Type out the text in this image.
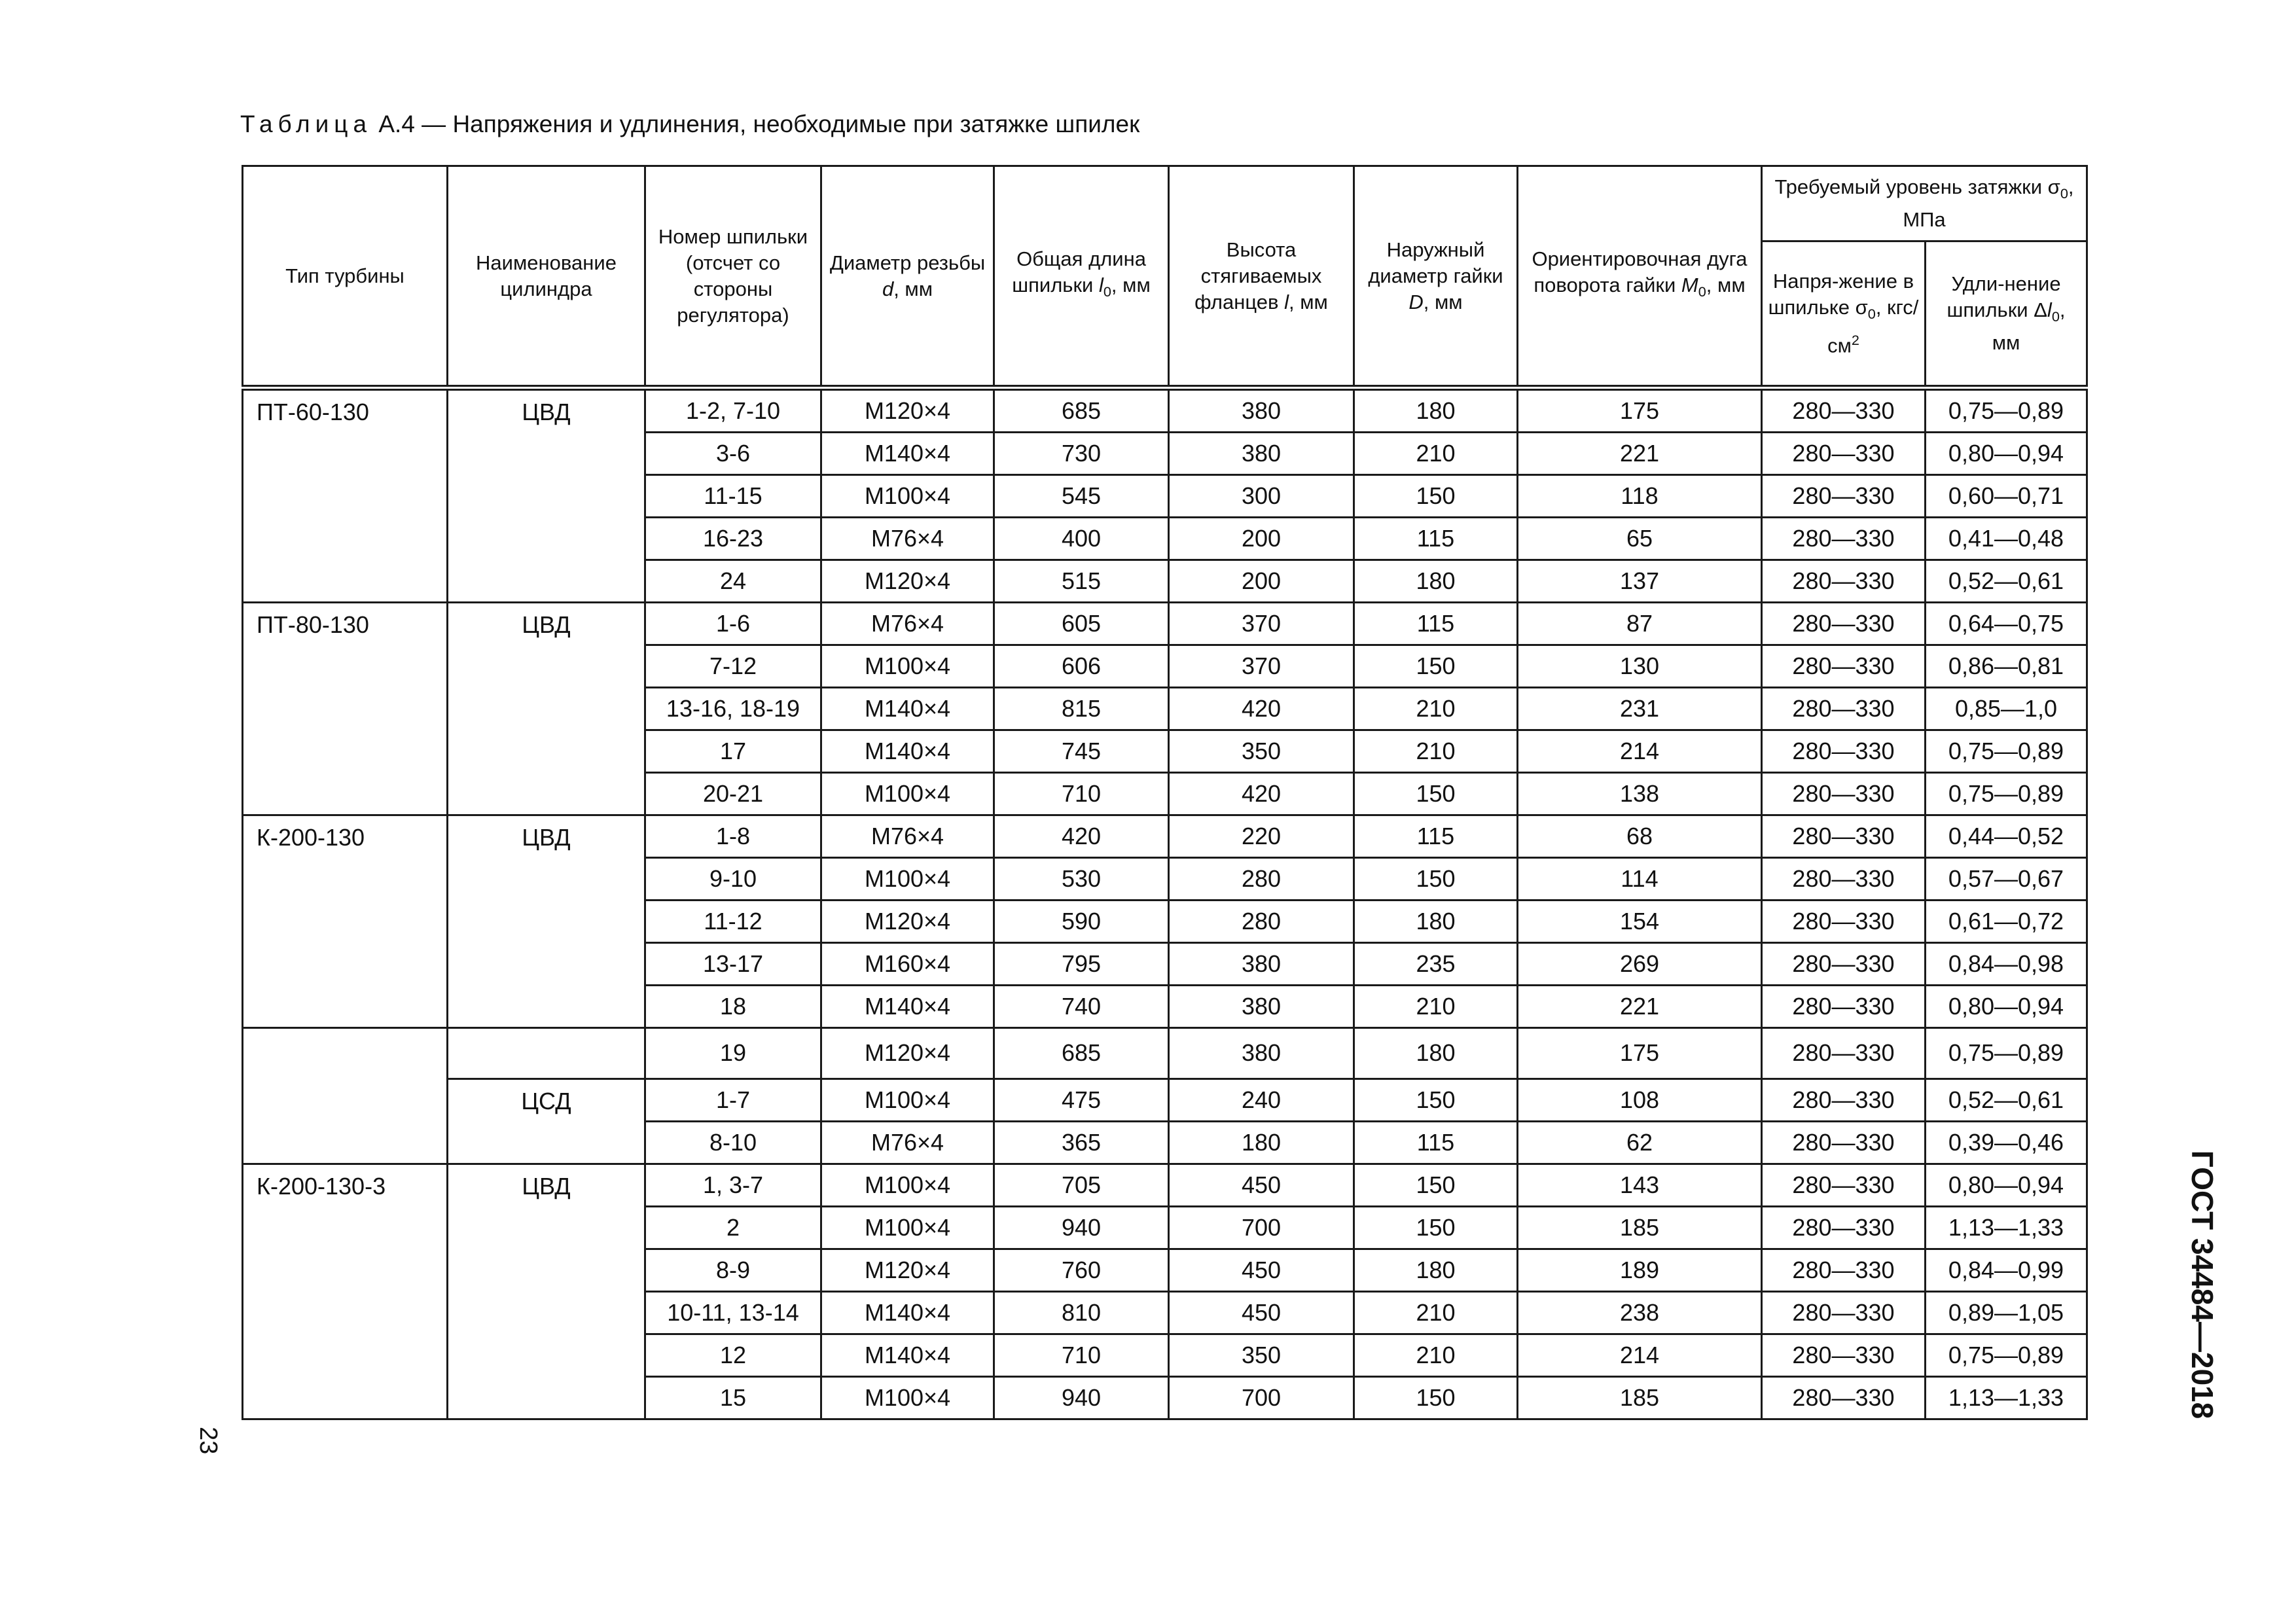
Таблица А.4 — Напряжения и удлинения, необходимые при затяжке шпилек
Тип турбины	Наименование цилиндра	Номер шпильки (отсчет со стороны регулятора)	Диаметр резьбы d, мм	Общая длина шпильки $l_0$, мм	Высота стягиваемых фланцев l, мм	Наружный диаметр гайки D, мм	Ориентировочная дуга поворота гайки $M_0$, мм	Требуемый уровень затяжки $\sigma_0$, МПа	
								Напря-жение в шпильке $\sigma_0$, кгс/$см^2$	Удли-нение шпильки $\Delta l_0$, мм
ПТ-60-130	ЦВД	1-2, 7-10	М120×4	685	380	180	175	280—330	0,75—0,89
		3-6	М140×4	730	380	210	221	280—330	0,80—0,94
		11-15	М100×4	545	300	150	118	280—330	0,60—0,71
		16-23	М76×4	400	200	115	65	280—330	0,41—0,48
		24	М120×4	515	200	180	137	280—330	0,52—0,61
ПТ-80-130	ЦВД	1-6	М76×4	605	370	115	87	280—330	0,64—0,75
		7-12	М100×4	606	370	150	130	280—330	0,86—0,81
		13-16, 18-19	М140×4	815	420	210	231	280—330	0,85—1,0
		17	М140×4	745	350	210	214	280—330	0,75—0,89
		20-21	М100×4	710	420	150	138	280—330	0,75—0,89
К-200-130	ЦВД	1-8	М76×4	420	220	115	68	280—330	0,44—0,52
		9-10	М100×4	530	280	150	114	280—330	0,57—0,67
		11-12	М120×4	590	280	180	154	280—330	0,61—0,72
		13-17	М160×4	795	380	235	269	280—330	0,84—0,98
		18	М140×4	740	380	210	221	280—330	0,80—0,94
		19	М120×4	685	380	180	175	280—330	0,75—0,89
	ЦСД	1-7	М100×4	475	240	150	108	280—330	0,52—0,61
		8-10	М76×4	365	180	115	62	280—330	0,39—0,46
К-200-130-3	ЦВД	1, 3-7	М100×4	705	450	150	143	280—330	0,80—0,94
		2	М100×4	940	700	150	185	280—330	1,13—1,33
		8-9	М120×4	760	450	180	189	280—330	0,84—0,99
		10-11, 13-14	М140×4	810	450	210	238	280—330	0,89—1,05
		12	М140×4	710	350	210	214	280—330	0,75—0,89
		15	М100×4	940	700	150	185	280—330	1,13—1,33
23
ГОСТ 34484—2018
